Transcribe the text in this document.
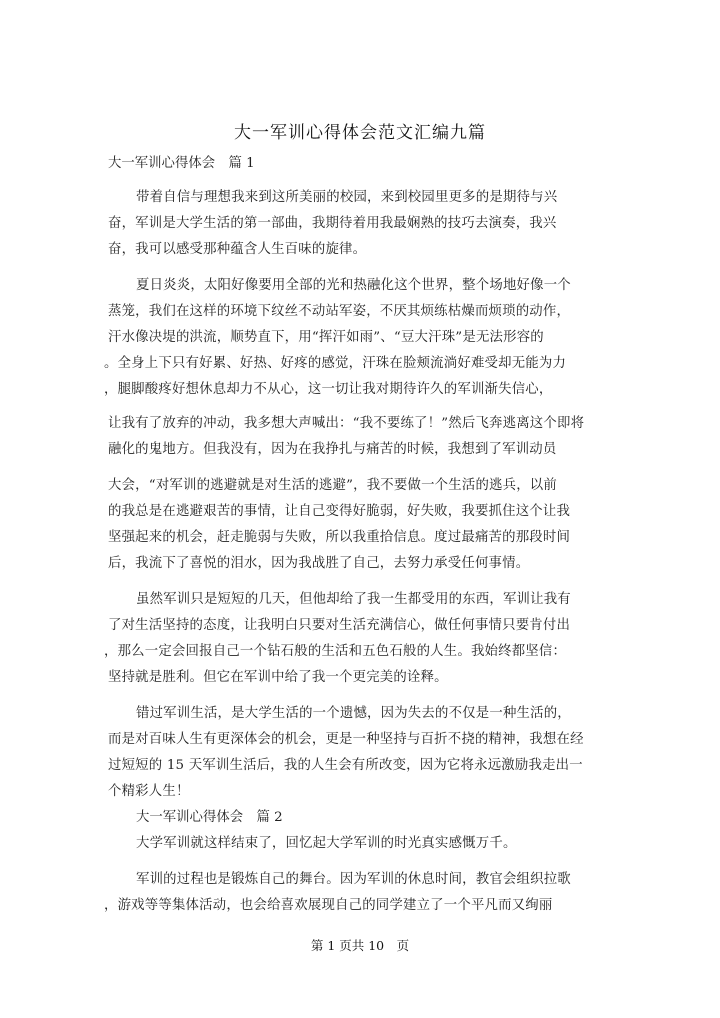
大一军训心得体会范文汇编九篇
大一军训心得体会　篇 1
带着自信与理想我来到这所美丽的校园，来到校园里更多的是期待与兴
奋，军训是大学生活的第一部曲，我期待着用我最娴熟的技巧去演奏，我兴
奋，我可以感受那种蕴含人生百味的旋律。
夏日炎炎，太阳好像要用全部的光和热融化这个世界，整个场地好像一个
蒸笼，我们在这样的环境下纹丝不动站军姿，不厌其烦练枯燥而烦琐的动作，
汗水像决堤的洪流，顺势直下，用“挥汗如雨”、“豆大汗珠”是无法形容的
。全身上下只有好累、好热、好疼的感觉，汗珠在脸颊流淌好难受却无能为力
，腿脚酸疼好想休息却力不从心，这一切让我对期待许久的军训渐失信心，
让我有了放弃的冲动，我多想大声喊出：“我不要练了！”然后飞奔逃离这个即将
融化的鬼地方。但我没有，因为在我挣扎与痛苦的时候，我想到了军训动员
大会，“对军训的逃避就是对生活的逃避”，我不要做一个生活的逃兵，以前
的我总是在逃避艰苦的事情，让自己变得好脆弱，好失败，我要抓住这个让我
坚强起来的机会，赶走脆弱与失败，所以我重拾信息。度过最痛苦的那段时间
后，我流下了喜悦的泪水，因为我战胜了自己，去努力承受任何事情。
虽然军训只是短短的几天，但他却给了我一生都受用的东西，军训让我有
了对生活坚持的态度，让我明白只要对生活充满信心，做任何事情只要肯付出
，那么一定会回报自己一个钻石般的生活和五色石般的人生。我始终都坚信：
坚持就是胜利。但它在军训中给了我一个更完美的诠释。
错过军训生活，是大学生活的一个遗憾，因为失去的不仅是一种生活的，
而是对百味人生有更深体会的机会，更是一种坚持与百折不挠的精神，我想在经
过短短的 15 天军训生活后，我的人生会有所改变，因为它将永远激励我走出一
个精彩人生！
大一军训心得体会　篇 2
大学军训就这样结束了，回忆起大学军训的时光真实感慨万千。
军训的过程也是锻炼自己的舞台。因为军训的休息时间，教官会组织拉歌
，游戏等等集体活动，也会给喜欢展现自己的同学建立了一个平凡而又绚丽
第 1 页共 10　页
